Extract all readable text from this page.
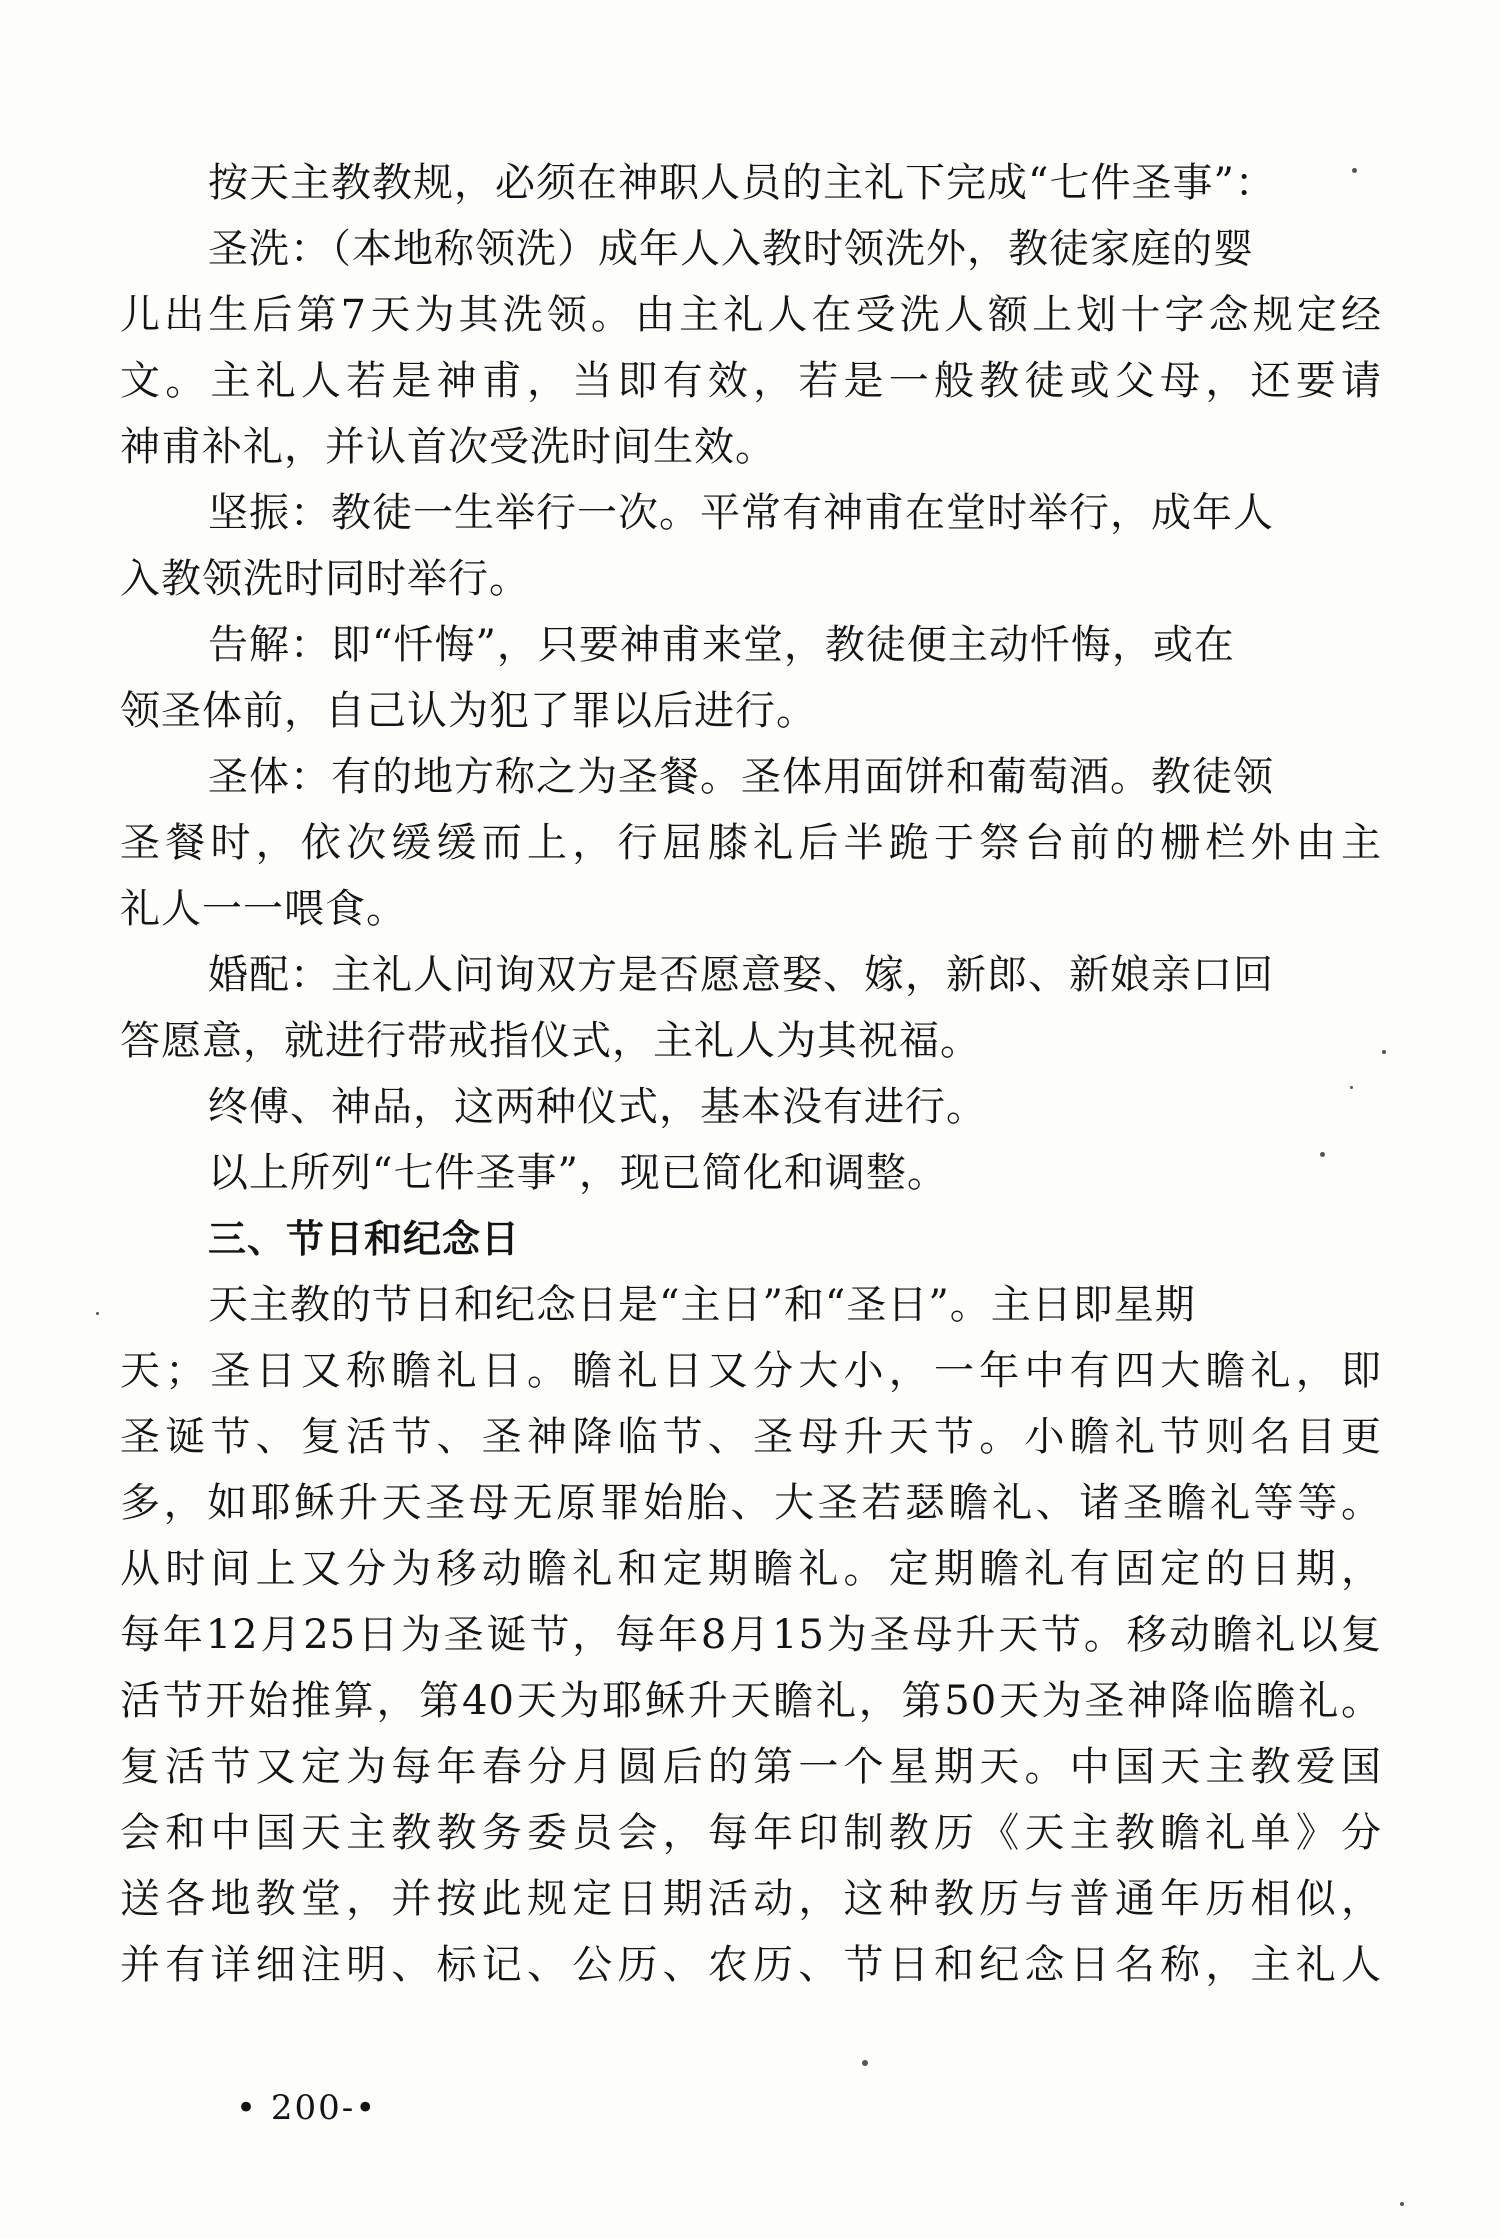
按天主教教规，必须在神职人员的主礼下完成“七件圣事”：
圣洗：（本地称领洗）成年人入教时领洗外，教徒家庭的婴
儿出生后第7天为其洗领。由主礼人在受洗人额上划十字念规定经
文。主礼人若是神甫，当即有效，若是一般教徒或父母，还要请
神甫补礼，并认首次受洗时间生效。
坚振：教徒一生举行一次。平常有神甫在堂时举行，成年人
入教领洗时同时举行。
告解：即“忏悔”，只要神甫来堂，教徒便主动忏悔，或在
领圣体前，自己认为犯了罪以后进行。
圣体：有的地方称之为圣餐。圣体用面饼和葡萄酒。教徒领
圣餐时，依次缓缓而上，行屈膝礼后半跪于祭台前的栅栏外由主
礼人一一喂食。
婚配：主礼人问询双方是否愿意娶、嫁，新郎、新娘亲口回
答愿意，就进行带戒指仪式，主礼人为其祝福。
终傅、神品，这两种仪式，基本没有进行。
以上所列“七件圣事”，现已简化和调整。
三、节日和纪念日
天主教的节日和纪念日是“主日”和“圣日”。主日即星期
天；圣日又称瞻礼日。瞻礼日又分大小，一年中有四大瞻礼，即
圣诞节、复活节、圣神降临节、圣母升天节。小瞻礼节则名目更
多，如耶稣升天圣母无原罪始胎、大圣若瑟瞻礼、诸圣瞻礼等等。
从时间上又分为移动瞻礼和定期瞻礼。定期瞻礼有固定的日期，
每年12月25日为圣诞节，每年8月15为圣母升天节。移动瞻礼以复
活节开始推算，第40天为耶稣升天瞻礼，第50天为圣神降临瞻礼。
复活节又定为每年春分月圆后的第一个星期天。中国天主教爱国
会和中国天主教教务委员会，每年印制教历《天主教瞻礼单》分
送各地教堂，并按此规定日期活动，这种教历与普通年历相似，
并有详细注明、标记、公历、农历、节日和纪念日名称，主礼人
• 200-•
